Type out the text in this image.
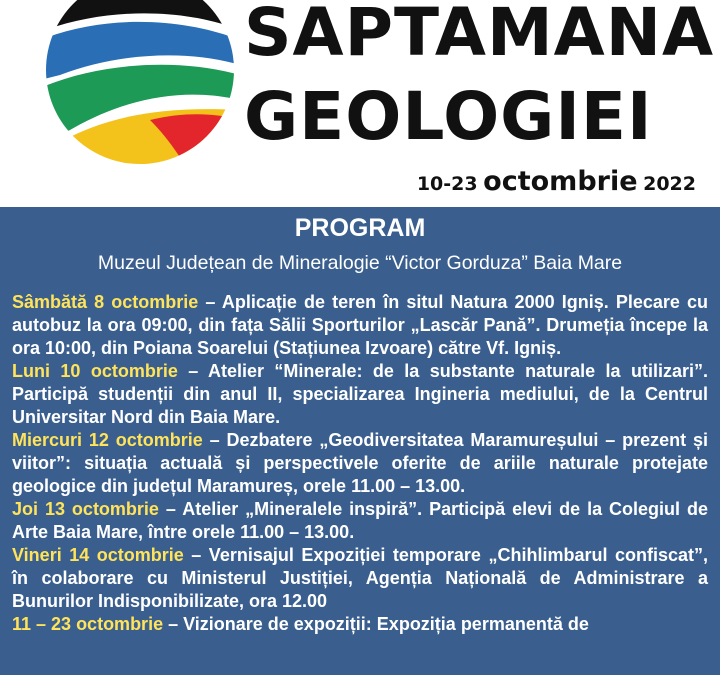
SAPTAMANA
GEOLOGIEI
10-23 octombrie 2022
PROGRAM
Muzeul Județean de Mineralogie “Victor Gorduza” Baia Mare

Sâmbătă 8 octombrie – Aplicație de teren în situl Natura 2000 Igniș. Plecare cu autobuz la ora 09:00, din fața Sălii Sporturilor „Lascăr Pană”. Drumeția începe la ora 10:00, din Poiana Soarelui (Stațiunea Izvoare) către Vf. Igniș.

Luni 10 octombrie – Atelier “Minerale: de la substante naturale la utilizari”. Participă studenții din anul II, specializarea Ingineria mediului, de la Centrul Universitar Nord din Baia Mare.

Miercuri 12 octombrie – Dezbatere „Geodiversitatea Maramureșului – prezent și viitor”: situația actuală și perspectivele oferite de ariile naturale protejate geologice din județul Maramureș, orele 11.00 – 13.00.

Joi 13 octombrie – Atelier „Mineralele inspiră”. Participă elevi de la Colegiul de Arte Baia Mare, între orele 11.00 – 13.00.

Vineri 14 octombrie – Vernisajul Expoziției temporare „Chihlimbarul confiscat”, în colaborare cu Ministerul Justiției, Agenția Națională de Administrare a Bunurilor Indisponibilizate, ora 12.00

11 – 23 octombrie – Vizionare de expoziții: Expoziția permanentă de
